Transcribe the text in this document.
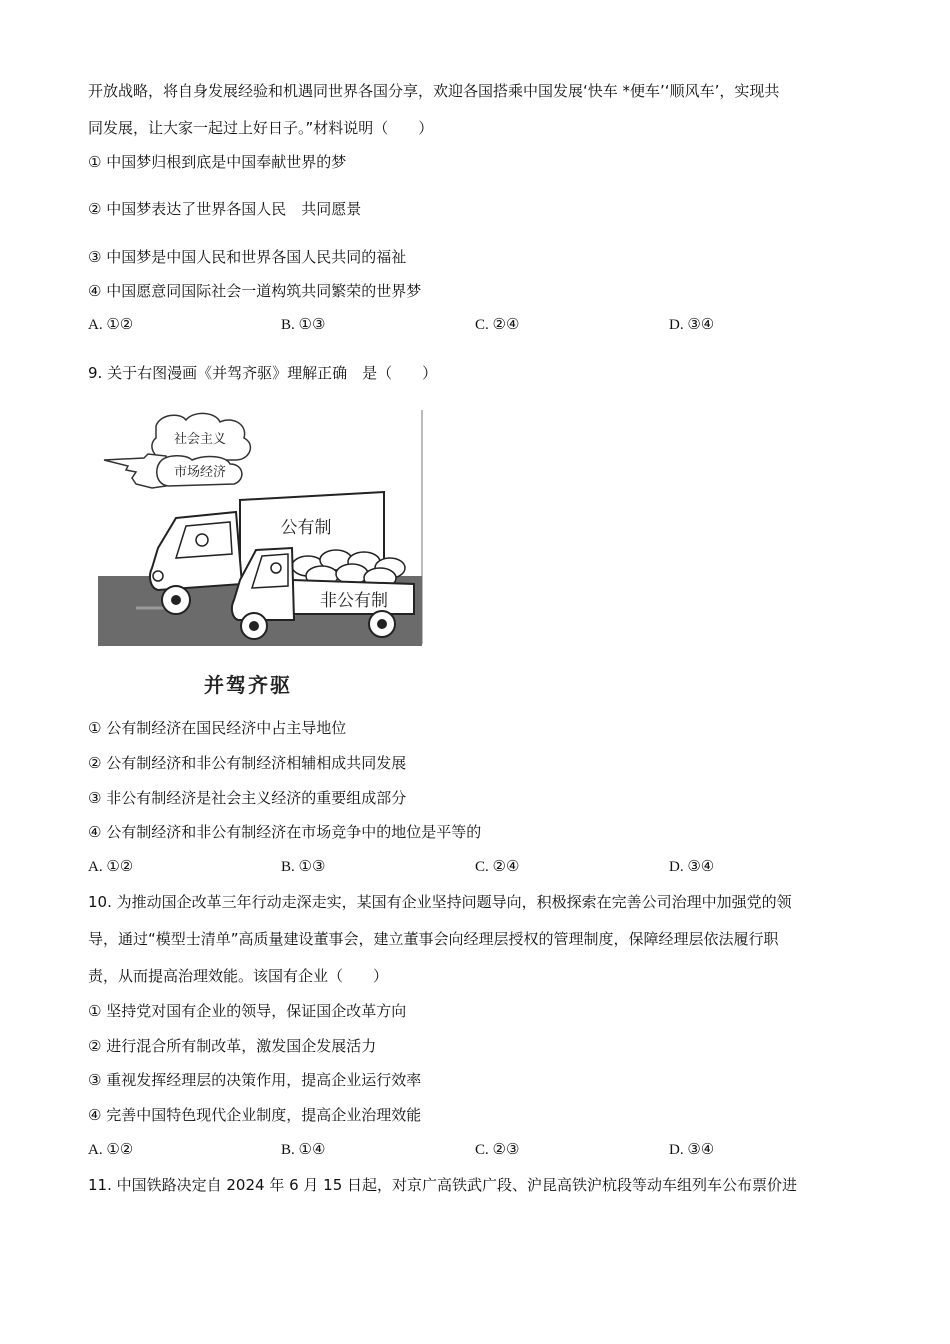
开放战略，将自身发展经验和机遇同世界各国分享，欢迎各国搭乘中国发展‘快车 *便车’‘顺风车’，实现共
同发展，让大家一起过上好日子。”材料说明（　　）
① 中国梦归根到底是中国奉献世界的梦
② 中国梦表达了世界各国人民　共同愿景
③ 中国梦是中国人民和世界各国人民共同的福祉
④ 中国愿意同国际社会一道构筑共同繁荣的世界梦
A. ①②	B. ①③	C. ②④	D. ③④
9. 关于右图漫画《并驾齐驱》理解正确　是（　　）
社会主义
市场经济
公有制
非公有制
并驾齐驱
① 公有制经济在国民经济中占主导地位
② 公有制经济和非公有制经济相辅相成共同发展
③ 非公有制经济是社会主义经济的重要组成部分
④ 公有制经济和非公有制经济在市场竞争中的地位是平等的
A. ①②	B. ①③	C. ②④	D. ③④
10. 为推动国企改革三年行动走深走实，某国有企业坚持问题导向，积极探索在完善公司治理中加强党的领
导，通过“模型士清单”高质量建设董事会，建立董事会向经理层授权的管理制度，保障经理层依法履行职
责，从而提高治理效能。该国有企业（　　）
① 坚持党对国有企业的领导，保证国企改革方向
② 进行混合所有制改革，激发国企发展活力
③ 重视发挥经理层的决策作用，提高企业运行效率
④ 完善中国特色现代企业制度，提高企业治理效能
A. ①②	B. ①④	C. ②③	D. ③④
11. 中国铁路决定自 2024 年 6 月 15 日起，对京广高铁武广段、沪昆高铁沪杭段等动车组列车公布票价进
